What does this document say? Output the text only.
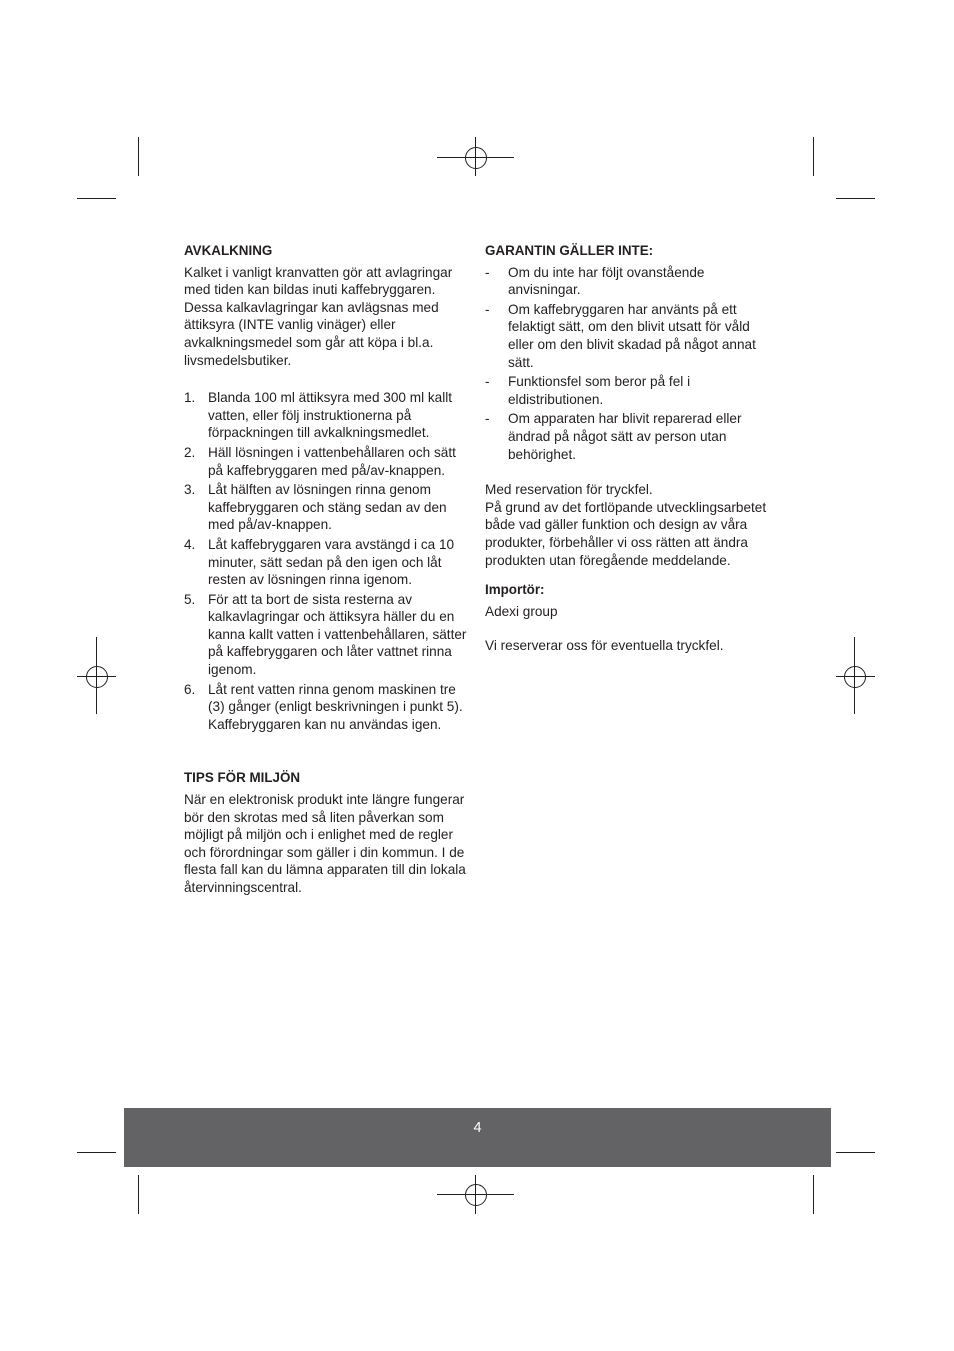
AVKALKNING

Kalket i vanligt kranvatten gör att avlagringar med tiden kan bildas inuti kaffebryggaren. Dessa kalkavlagringar kan avlägsnas med ättiksyra (INTE vanlig vinäger) eller avkalkningsmedel som går att köpa i bl.a. livsmedelsbutiker.

1. Blanda 100 ml ättiksyra med 300 ml kallt vatten, eller följ instruktionerna på förpackningen till avkalkningsmedlet.
2. Häll lösningen i vattenbehållaren och sätt på kaffebryggaren med på/av-knappen.
3. Låt hälften av lösningen rinna genom kaffebryggaren och stäng sedan av den med på/av-knappen.
4. Låt kaffebryggaren vara avstängd i ca 10 minuter, sätt sedan på den igen och låt resten av lösningen rinna igenom.
5. För att ta bort de sista resterna av kalkavlagringar och ättiksyra häller du en kanna kallt vatten i vattenbehållaren, sätter på kaffebryggaren och låter vattnet rinna igenom.
6. Låt rent vatten rinna genom maskinen tre (3) gånger (enligt beskrivningen i punkt 5). Kaffebryggaren kan nu användas igen.

TIPS FÖR MILJÖN

När en elektronisk produkt inte längre fungerar bör den skrotas med så liten påverkan som möjligt på miljön och i enlighet med de regler och förordningar som gäller i din kommun. I de flesta fall kan du lämna apparaten till din lokala återvinningscentral.

GARANTIN GÄLLER INTE:

- Om du inte har följt ovanstående anvisningar.
- Om kaffebryggaren har använts på ett felaktigt sätt, om den blivit utsatt för våld eller om den blivit skadad på något annat sätt.
- Funktionsfel som beror på fel i eldistributionen.
- Om apparaten har blivit reparerad eller ändrad på något sätt av person utan behörighet.

Med reservation för tryckfel.

På grund av det fortlöpande utvecklingsarbetet både vad gäller funktion och design av våra produkter, förbehåller vi oss rätten att ändra produkten utan föregående meddelande.

Importör:

Adexi group

Vi reserverar oss för eventuella tryckfel.

4
